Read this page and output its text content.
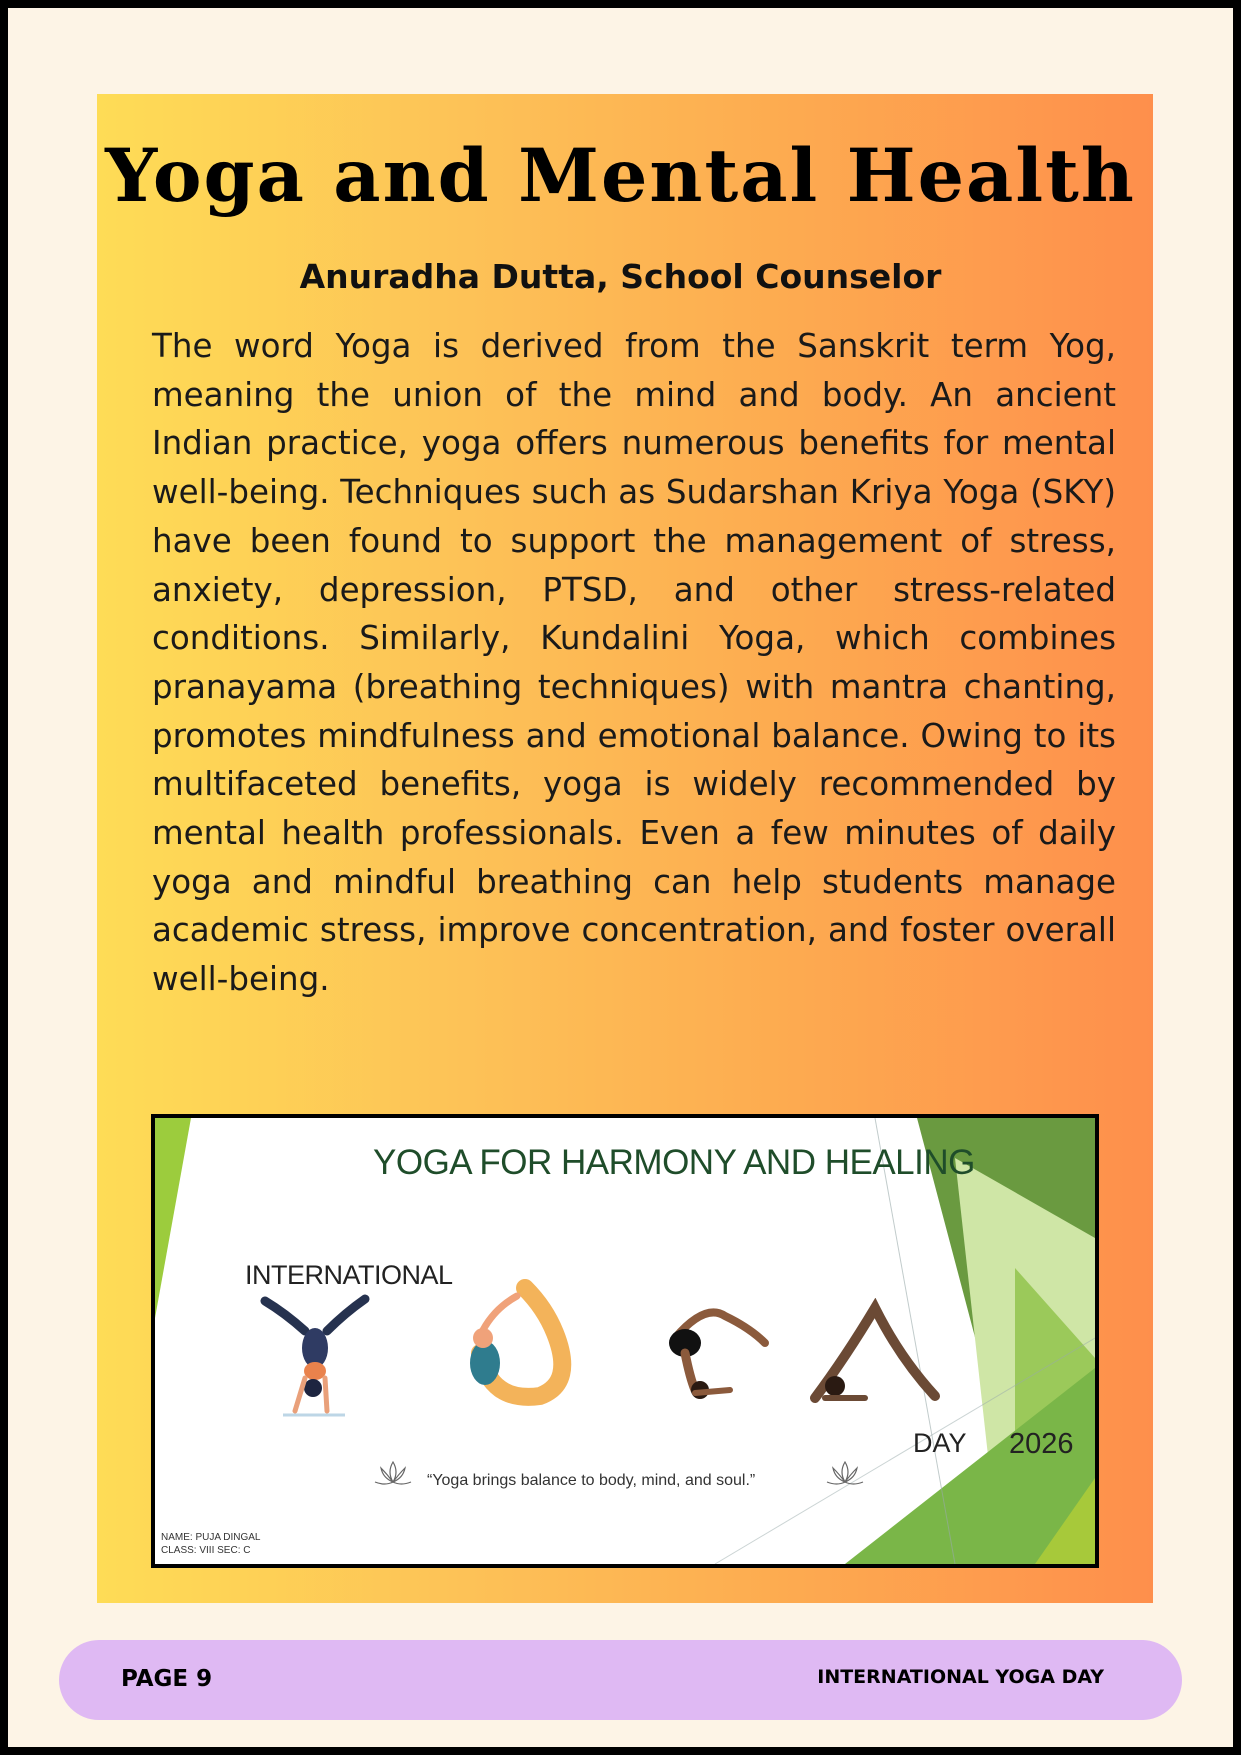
Yoga and Mental Health

Anuradha Dutta, School Counselor

The word Yoga is derived from the Sanskrit term Yog, meaning the union of the mind and body. An ancient Indian practice, yoga offers numerous benefits for mental well-being. Techniques such as Sudarshan Kriya Yoga (SKY) have been found to support the management of stress, anxiety, depression, PTSD, and other stress-related conditions. Similarly, Kundalini Yoga, which combines pranayama (breathing techniques) with mantra chanting, promotes mindfulness and emotional balance. Owing to its multifaceted benefits, yoga is widely recommended by mental health professionals. Even a few minutes of daily yoga and mindful breathing can help students manage academic stress, improve concentration, and foster overall well-being.

YOGA FOR HARMONY AND HEALING
INTERNATIONAL
DAY 2026
“Yoga brings balance to body, mind, and soul.”
NAME: PUJA DINGAL
CLASS: VIII SEC: C
PAGE 9	INTERNATIONAL YOGA DAY
